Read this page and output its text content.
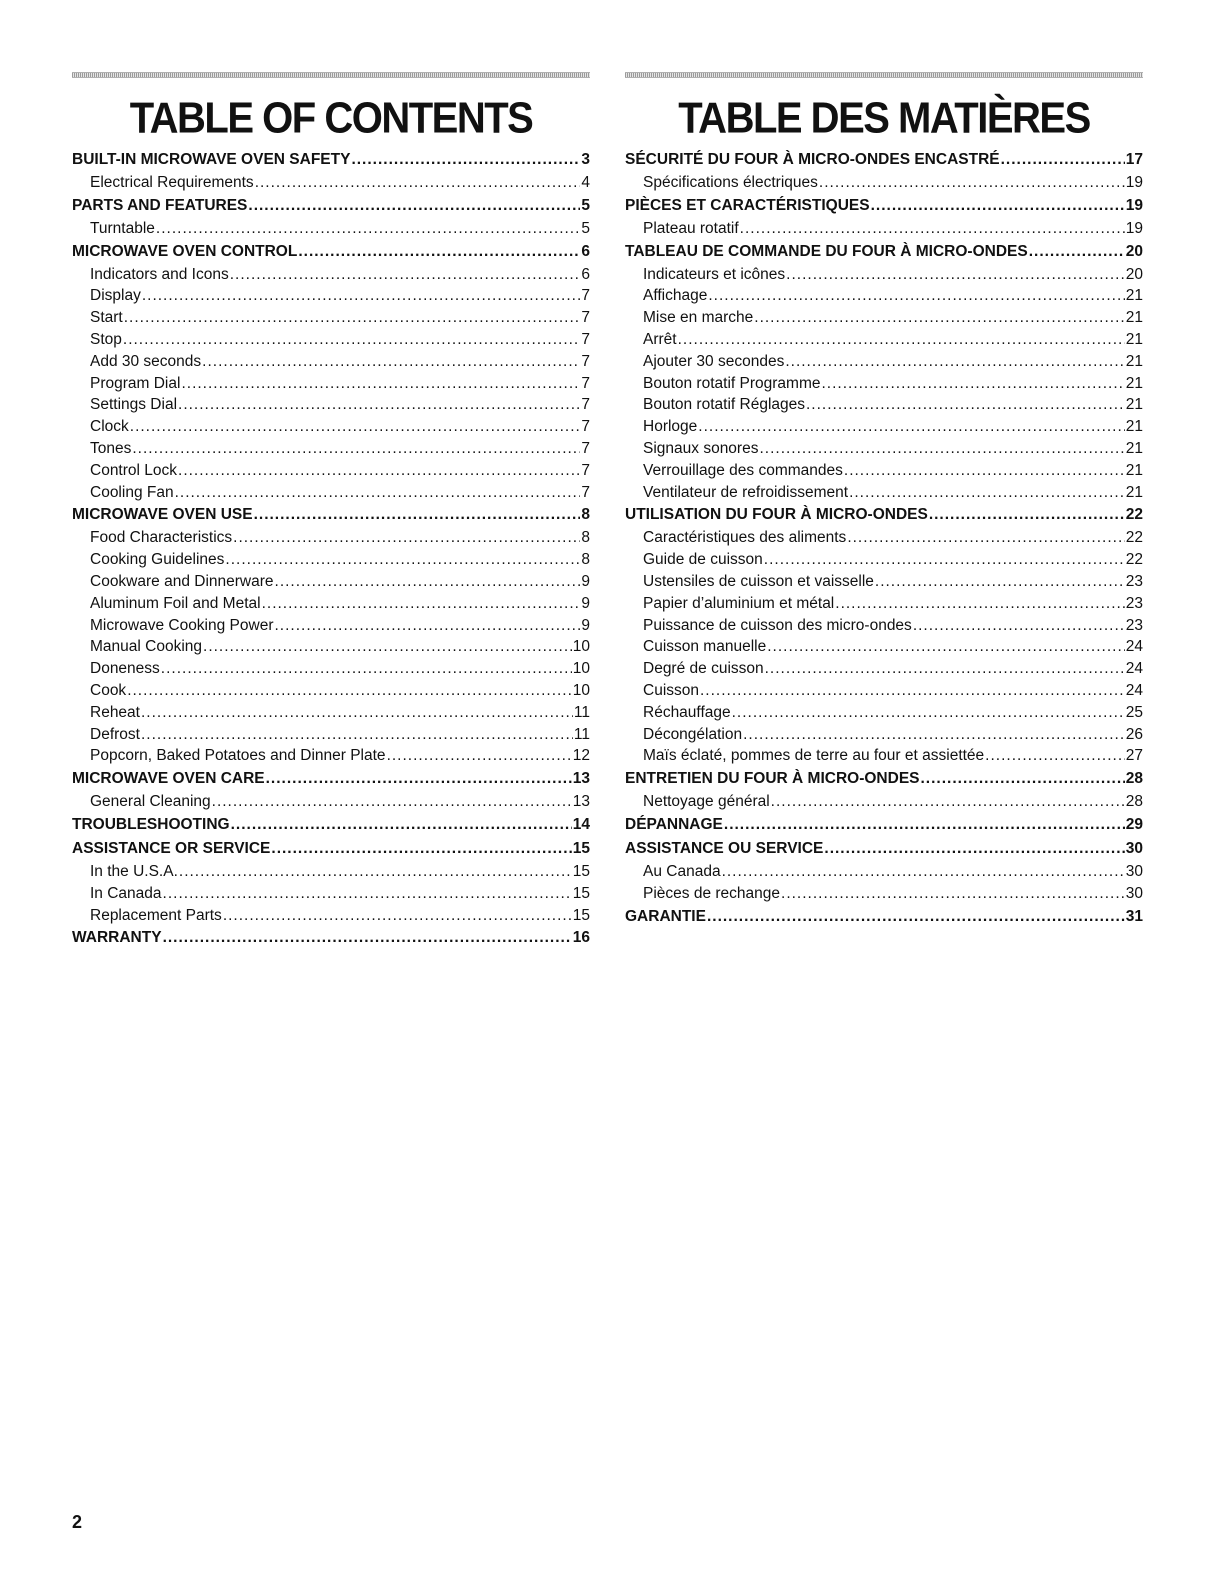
TABLE OF CONTENTS
BUILT-IN MICROWAVE OVEN SAFETY .....	3
Electrical Requirements .....	4
PARTS AND FEATURES .....	5
Turntable .....	5
MICROWAVE OVEN CONTROL .....	6
Indicators and Icons .....	6
Display .....	7
Start .....	7
Stop .....	7
Add 30 seconds .....	7
Program Dial .....	7
Settings Dial .....	7
Clock .....	7
Tones .....	7
Control Lock .....	7
Cooling Fan .....	7
MICROWAVE OVEN USE .....	8
Food Characteristics .....	8
Cooking Guidelines .....	8
Cookware and Dinnerware .....	9
Aluminum Foil and Metal .....	9
Microwave Cooking Power .....	9
Manual Cooking .....	10
Doneness .....	10
Cook .....	10
Reheat .....	11
Defrost .....	11
Popcorn, Baked Potatoes and Dinner Plate .....	12
MICROWAVE OVEN CARE .....	13
General Cleaning .....	13
TROUBLESHOOTING .....	14
ASSISTANCE OR SERVICE .....	15
In the U.S.A. .....	15
In Canada .....	15
Replacement Parts .....	15
WARRANTY .....	16
TABLE DES MATIÈRES
SÉCURITÉ DU FOUR À MICRO-ONDES ENCASTRÉ .....	17
Spécifications électriques .....	19
PIÈCES ET CARACTÉRISTIQUES .....	19
Plateau rotatif .....	19
TABLEAU DE COMMANDE DU FOUR À MICRO-ONDES .....	20
Indicateurs et icônes .....	20
Affichage .....	21
Mise en marche .....	21
Arrêt .....	21
Ajouter 30 secondes .....	21
Bouton rotatif Programme .....	21
Bouton rotatif Réglages .....	21
Horloge .....	21
Signaux sonores .....	21
Verrouillage des commandes .....	21
Ventilateur de refroidissement .....	21
UTILISATION DU FOUR À MICRO-ONDES .....	22
Caractéristiques des aliments .....	22
Guide de cuisson .....	22
Ustensiles de cuisson et vaisselle .....	23
Papier d’aluminium et métal .....	23
Puissance de cuisson des micro-ondes .....	23
Cuisson manuelle .....	24
Degré de cuisson .....	24
Cuisson .....	24
Réchauffage .....	25
Décongélation .....	26
Maïs éclaté, pommes de terre au four et assiettée .....	27
ENTRETIEN DU FOUR À MICRO-ONDES .....	28
Nettoyage général .....	28
DÉPANNAGE .....	29
ASSISTANCE OU SERVICE .....	30
Au Canada .....	30
Pièces de rechange .....	30
GARANTIE .....	31
2
